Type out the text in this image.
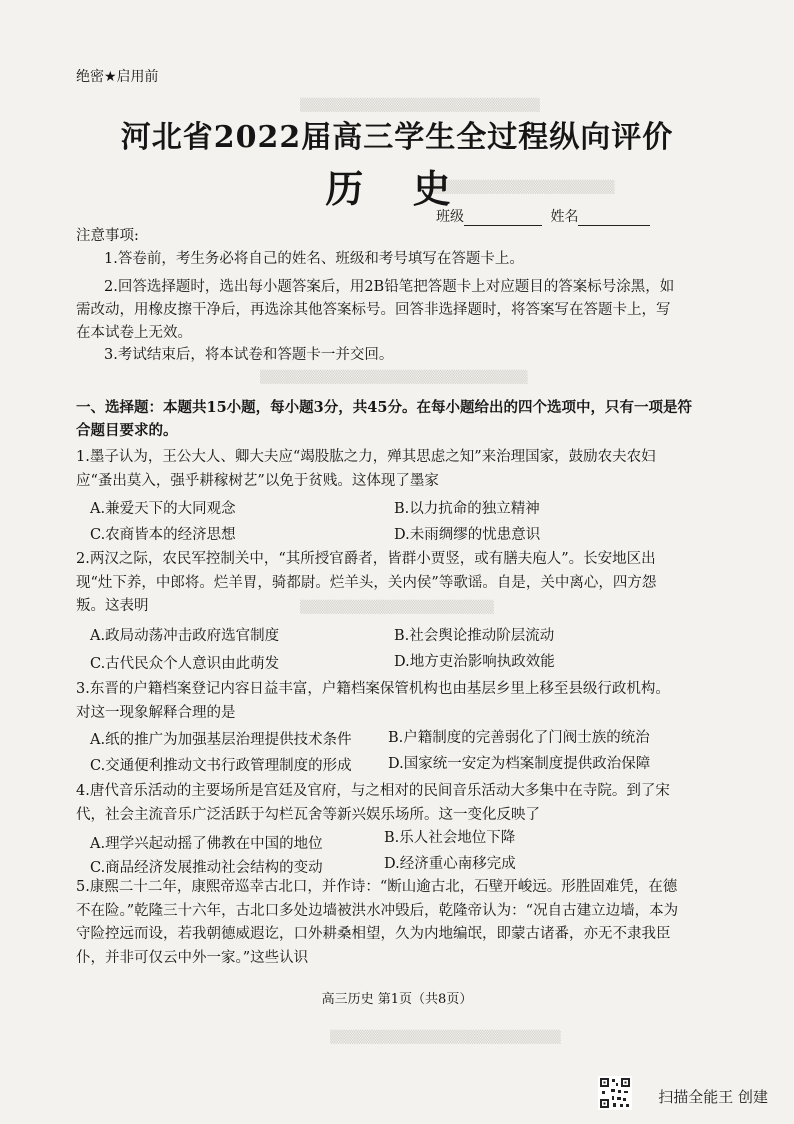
▒▒▒▒▒▒▒▒▒▒▒▒▒▒▒▒▒▒▒▒▒▒▒▒▒▒
▒▒▒▒▒▒▒▒▒▒▒▒▒▒▒▒▒▒▒▒
▒▒▒▒▒▒▒▒▒▒▒▒▒▒▒▒▒▒▒▒▒▒▒▒▒▒▒▒▒
▒▒▒▒▒▒▒▒▒▒▒▒▒▒▒▒▒▒▒▒▒
▒▒▒▒▒▒▒▒▒▒▒▒▒▒▒▒▒▒▒▒▒▒▒▒▒
绝密★启用前
河北省2022届高三学生全过程纵向评价
历 史
班级	姓名
注意事项:
1.答卷前，考生务必将自己的姓名、班级和考号填写在答题卡上。
2.回答选择题时，选出每小题答案后，用2B铅笔把答题卡上对应题目的答案标号涂黑，如需改动，用橡皮擦干净后，再选涂其他答案标号。回答非选择题时，将答案写在答题卡上，写在本试卷上无效。
3.考试结束后，将本试卷和答题卡一并交回。
一、选择题：本题共15小题，每小题3分，共45分。在每小题给出的四个选项中，只有一项是符合题目要求的。
1.墨子认为，王公大人、卿大夫应“竭股肱之力，殚其思虑之知”来治理国家，鼓励农夫农妇应“蚤出莫入，强乎耕稼树艺”以免于贫贱。这体现了墨家
A.兼爱天下的大同观念	B.以力抗命的独立精神
C.农商皆本的经济思想	D.未雨绸缪的忧患意识
2.两汉之际，农民军控制关中，“其所授官爵者，皆群小贾竖，或有膳夫庖人”。长安地区出现“灶下养，中郎将。烂羊胃，骑都尉。烂羊头，关内侯”等歌谣。自是，关中离心，四方怨叛。这表明
A.政局动荡冲击政府选官制度	B.社会舆论推动阶层流动
C.古代民众个人意识由此萌发	D.地方吏治影响执政效能
3.东晋的户籍档案登记内容日益丰富，户籍档案保管机构也由基层乡里上移至县级行政机构。对这一现象解释合理的是
A.纸的推广为加强基层治理提供技术条件	B.户籍制度的完善弱化了门阀士族的统治
C.交通便利推动文书行政管理制度的形成	D.国家统一安定为档案制度提供政治保障
4.唐代音乐活动的主要场所是宫廷及官府，与之相对的民间音乐活动大多集中在寺院。到了宋代，社会主流音乐广泛活跃于勾栏瓦舍等新兴娱乐场所。这一变化反映了
A.理学兴起动摇了佛教在中国的地位	B.乐人社会地位下降
C.商品经济发展推动社会结构的变动	D.经济重心南移完成
5.康熙二十二年，康熙帝巡幸古北口，并作诗：“断山逾古北，石壁开峻远。形胜固难凭，在德不在险。”乾隆三十六年，古北口多处边墙被洪水冲毁后，乾隆帝认为：“况自古建立边墙，本为守险控远而设，若我朝德威遐讫，口外耕桑相望，久为内地编氓，即蒙古诸番，亦无不隶我臣仆，并非可仅云中外一家。”这些认识
高三历史 第1页（共8页）
扫描全能王 创建
